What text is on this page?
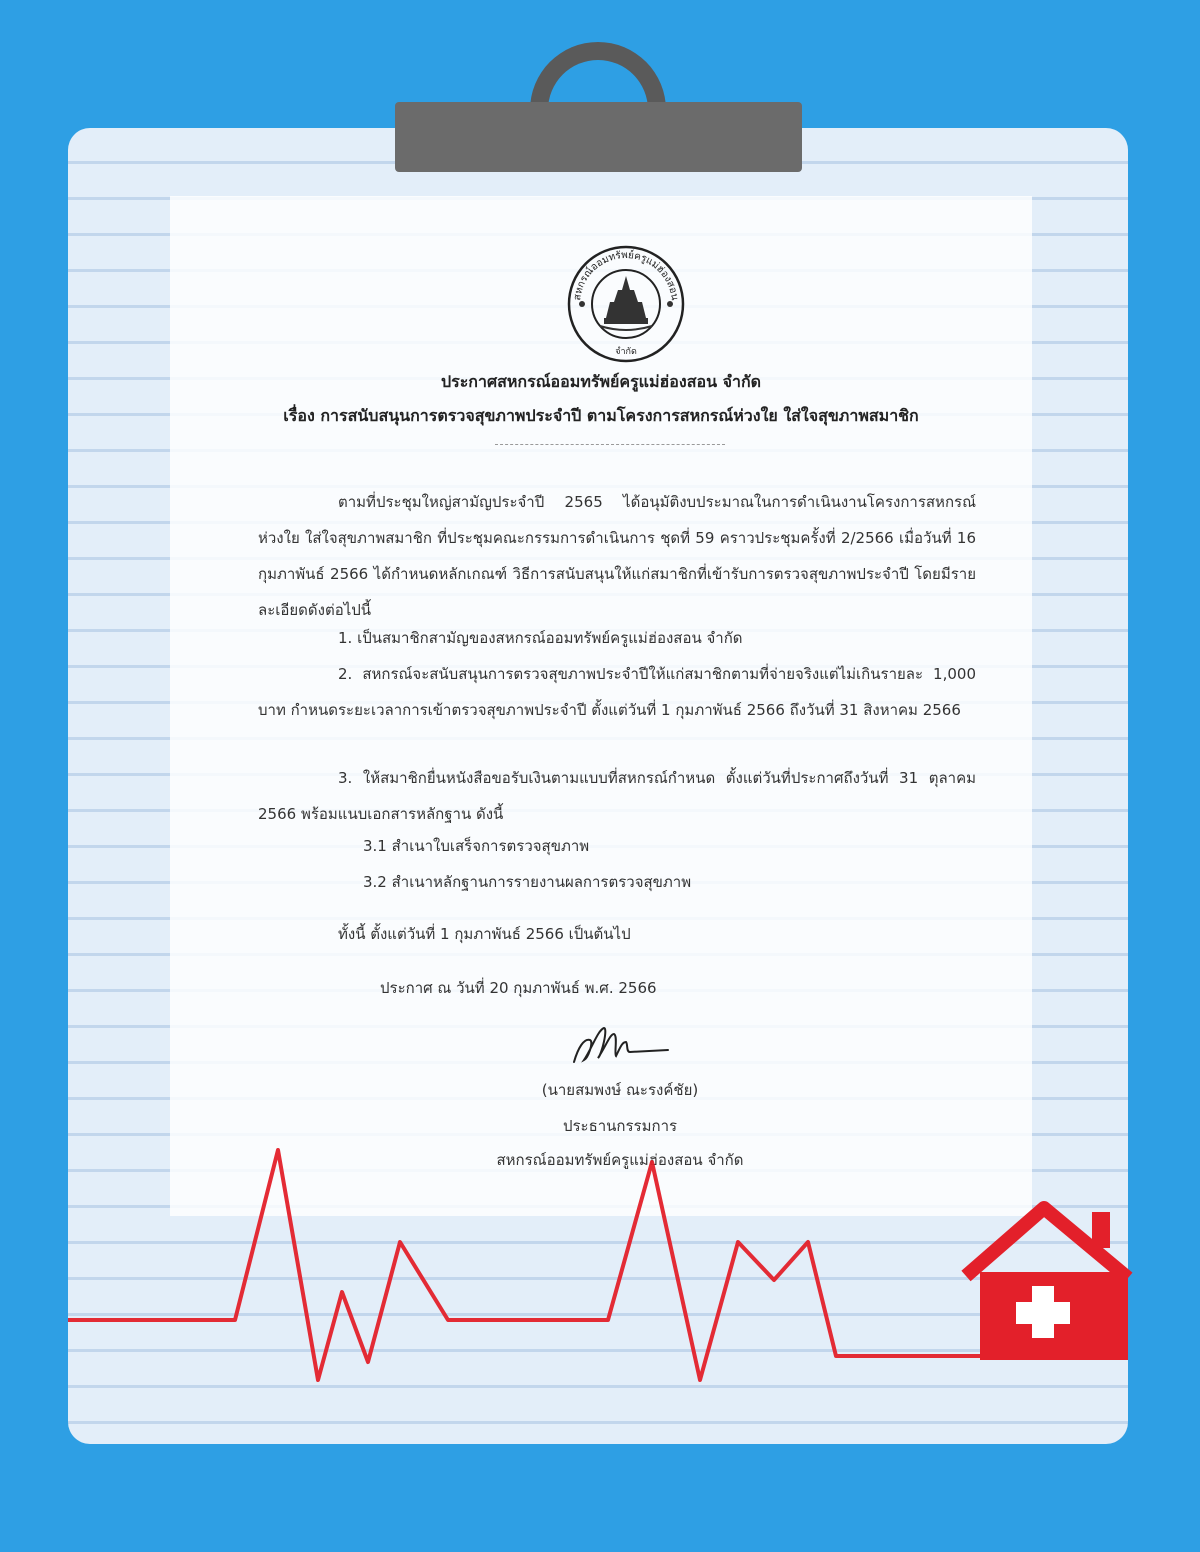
สหกรณ์ออมทรัพย์ครูแม่ฮ่องสอน
จำกัด
ประกาศสหกรณ์ออมทรัพย์ครูแม่ฮ่องสอน จำกัด
เรื่อง การสนับสนุนการตรวจสุขภาพประจำปี ตามโครงการสหกรณ์ห่วงใย ใส่ใจสุขภาพสมาชิก
ตามที่ประชุมใหญ่สามัญประจำปี 2565 ได้อนุมัติงบประมาณในการดำเนินงานโครงการสหกรณ์ห่วงใย ใส่ใจสุขภาพสมาชิก ที่ประชุมคณะกรรมการดำเนินการ ชุดที่ 59 คราวประชุมครั้งที่ 2/2566 เมื่อวันที่ 16 กุมภาพันธ์ 2566 ได้กำหนดหลักเกณฑ์ วิธีการสนับสนุนให้แก่สมาชิกที่เข้ารับการตรวจสุขภาพประจำปี โดยมีรายละเอียดดังต่อไปนี้
1. เป็นสมาชิกสามัญของสหกรณ์ออมทรัพย์ครูแม่ฮ่องสอน จำกัด
2. สหกรณ์จะสนับสนุนการตรวจสุขภาพประจำปีให้แก่สมาชิกตามที่จ่ายจริงแต่ไม่เกินรายละ 1,000 บาท กำหนดระยะเวลาการเข้าตรวจสุขภาพประจำปี ตั้งแต่วันที่ 1 กุมภาพันธ์ 2566 ถึงวันที่ 31 สิงหาคม 2566
3. ให้สมาชิกยื่นหนังสือขอรับเงินตามแบบที่สหกรณ์กำหนด ตั้งแต่วันที่ประกาศถึงวันที่ 31 ตุลาคม 2566 พร้อมแนบเอกสารหลักฐาน ดังนี้
3.1 สำเนาใบเสร็จการตรวจสุขภาพ
3.2 สำเนาหลักฐานการรายงานผลการตรวจสุขภาพ
ทั้งนี้ ตั้งแต่วันที่ 1 กุมภาพันธ์ 2566 เป็นต้นไป
ประกาศ ณ วันที่ 20 กุมภาพันธ์ พ.ศ. 2566
(นายสมพงษ์ ณะรงค์ชัย)
ประธานกรรมการ
สหกรณ์ออมทรัพย์ครูแม่ฮ่องสอน จำกัด
